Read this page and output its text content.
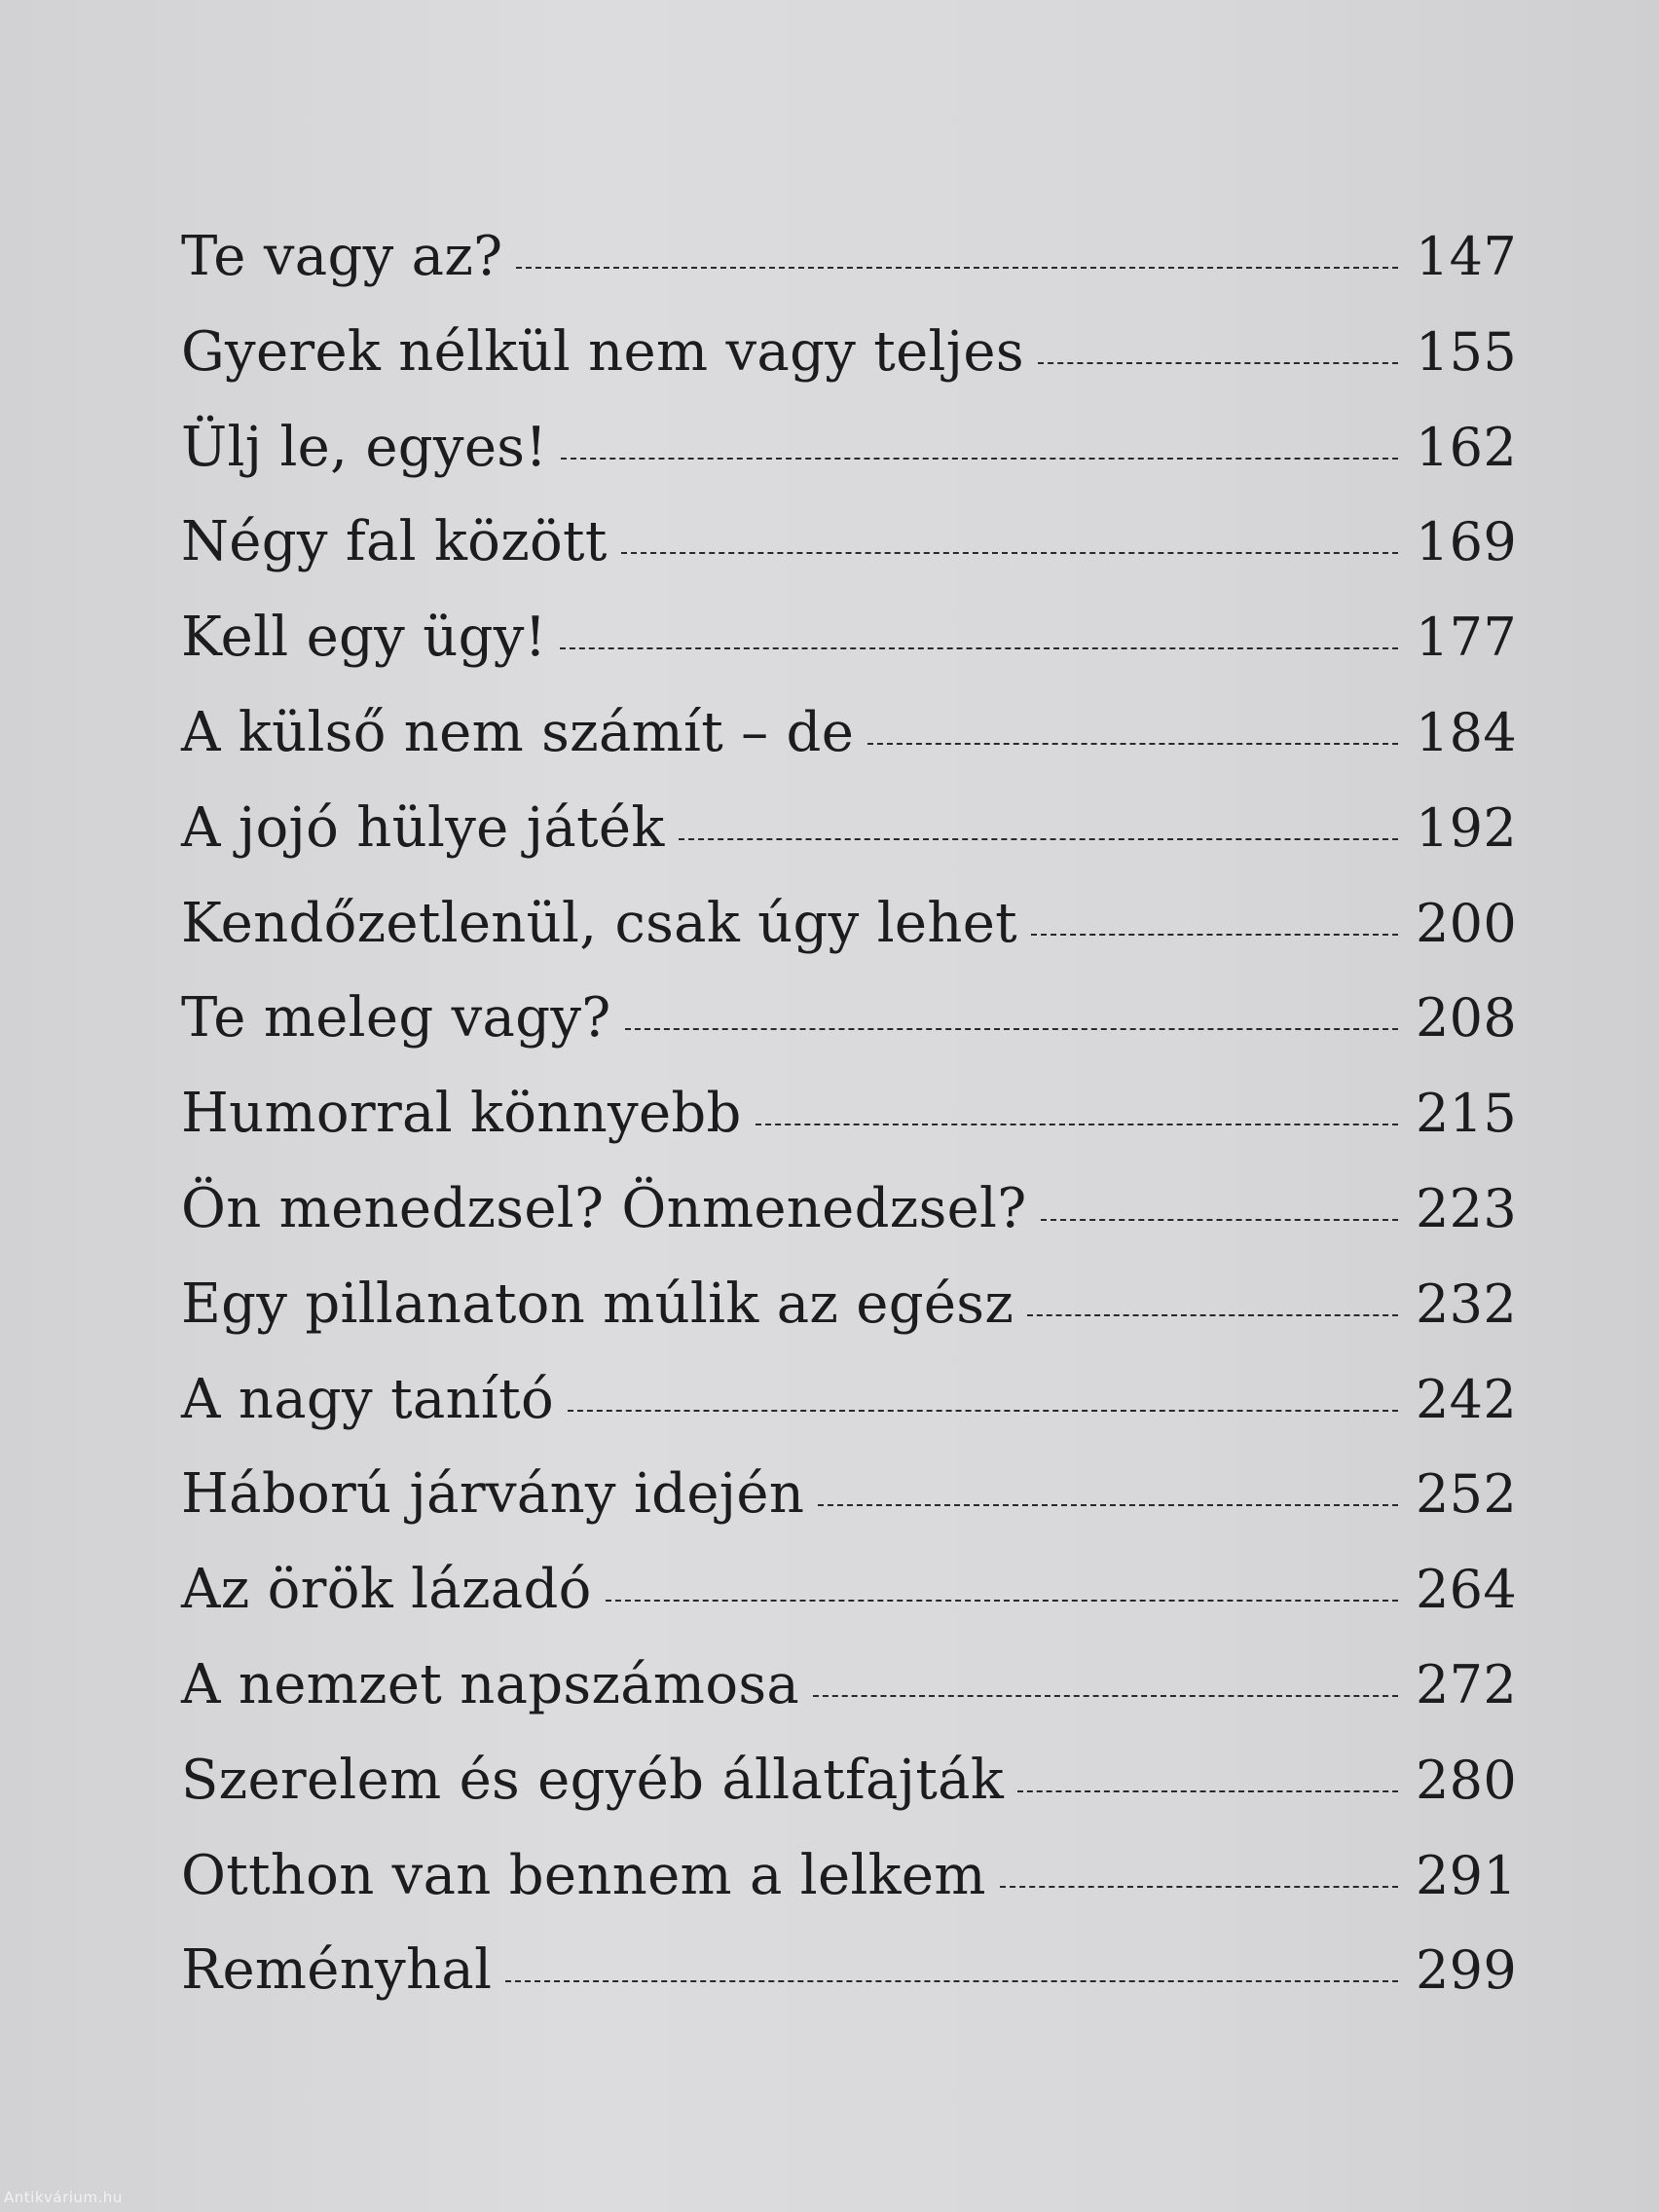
Te vagy az?	147
Gyerek nélkül nem vagy teljes	155
Ülj le, egyes!	162
Négy fal között	169
Kell egy ügy!	177
A külső nem számít – de	184
A jojó hülye játék	192
Kendőzetlenül, csak úgy lehet	200
Te meleg vagy?	208
Humorral könnyebb	215
Ön menedzsel? Önmenedzsel?	223
Egy pillanaton múlik az egész	232
A nagy tanító	242
Háború járvány idején	252
Az örök lázadó	264
A nemzet napszámosa	272
Szerelem és egyéb állatfajták	280
Otthon van bennem a lelkem	291
Reményhal	299
Antikvárium.hu
